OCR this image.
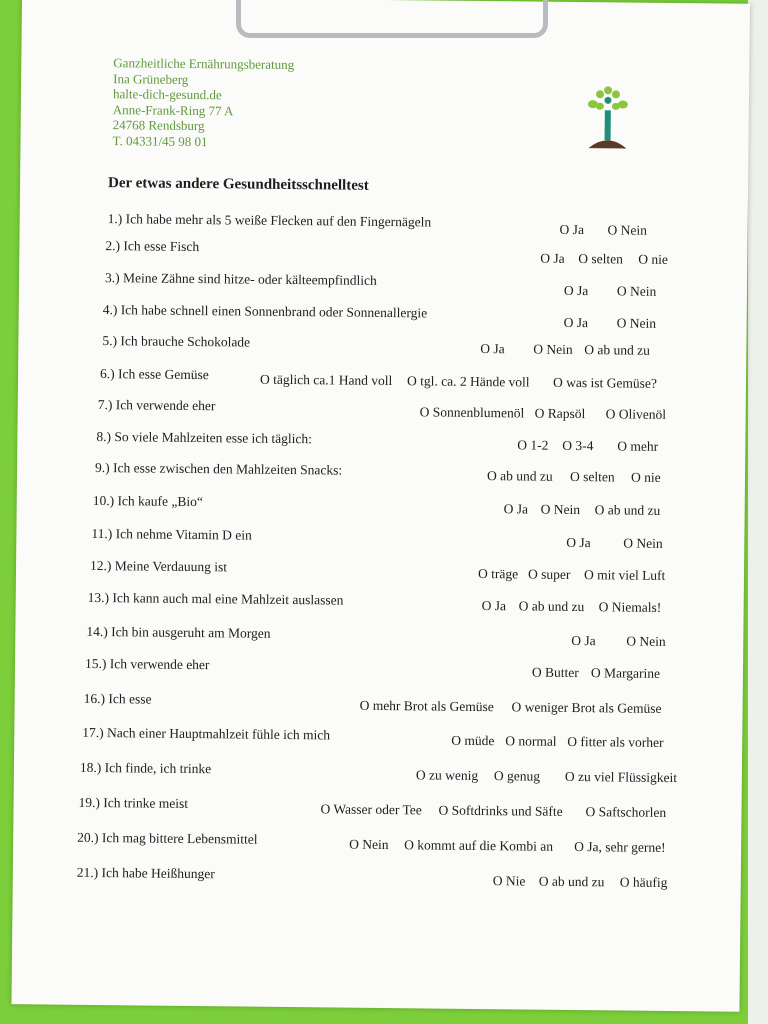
Ganzheitliche Ernährungsberatung
Ina Grüneberg
halte-dich-gesund.de
Anne-Frank-Ring 77 A
24768 Rendsburg
T. 04331/45 98 01
Der etwas andere Gesundheitsschnelltest
1.) Ich habe mehr als 5 weiße Flecken auf den Fingernägeln	O Ja O Nein
2.) Ich esse Fisch
O Ja O selten O nie
3.) Meine Zähne sind hitze- oder kälteempfindlich
O Ja O Nein
4.) Ich habe schnell einen Sonnenbrand oder Sonnenallergie
O Ja O Nein
5.) Ich brauche Schokolade	O Ja O Nein O ab und zu
6.) Ich esse Gemüse	O täglich ca.1 Hand voll O tgl. ca. 2 Hände voll O was ist Gemüse?
7.) Ich verwende eher	O Sonnenblumenöl O Rapsöl O Olivenöl
8.) So viele Mahlzeiten esse ich täglich:	O 1-2 O 3-4 O mehr
9.) Ich esse zwischen den Mahlzeiten Snacks:	O ab und zu O selten O nie
10.) Ich kaufe „Bio“	O Ja O Nein O ab und zu
11.) Ich nehme Vitamin D ein	O Ja O Nein
12.) Meine Verdauung ist	O träge O super O mit viel Luft
13.) Ich kann auch mal eine Mahlzeit auslassen	O Ja O ab und zu O Niemals!
14.) Ich bin ausgeruht am Morgen	O Ja O Nein
15.) Ich verwende eher
O Butter O Margarine
16.) Ich esse	O mehr Brot als Gemüse O weniger Brot als Gemüse
17.) Nach einer Hauptmahlzeit fühle ich mich	O müde O normal O fitter als vorher
18.) Ich finde, ich trinke	O zu wenig O genug O zu viel Flüssigkeit
19.) Ich trinke meist	O Wasser oder Tee O Softdrinks und Säfte O Saftschorlen
20.) Ich mag bittere Lebensmittel	O Nein O kommt auf die Kombi an O Ja, sehr gerne!
21.) Ich habe Heißhunger	O Nie O ab und zu O häufig
